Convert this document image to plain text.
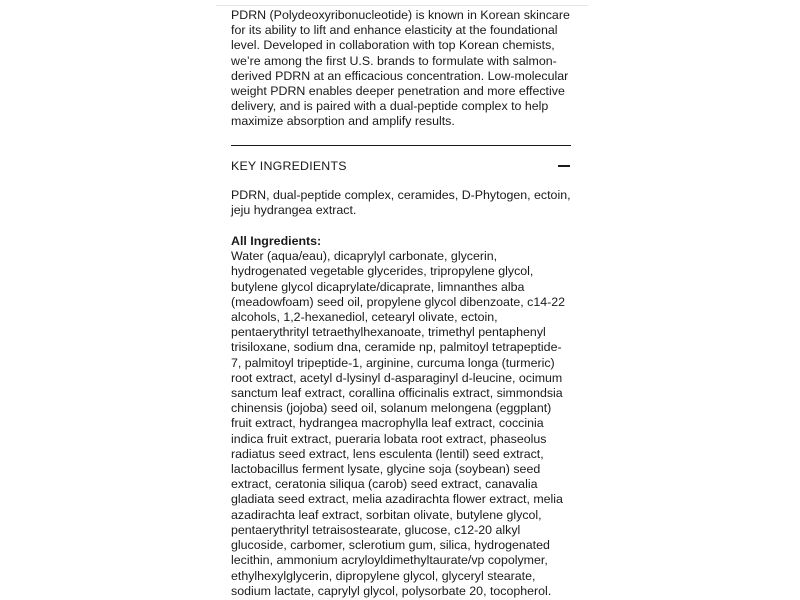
PDRN (Polydeoxyribonucleotide) is known in Korean skincare for its ability to lift and enhance elasticity at the foundational level. Developed in collaboration with top Korean chemists, we’re among the first U.S. brands to formulate with salmon-derived PDRN at an efficacious concentration. Low-molecular weight PDRN enables deeper penetration and more effective delivery, and is paired with a dual-peptide complex to help maximize absorption and amplify results.

KEY INGREDIENTS

PDRN, dual-peptide complex, ceramides, D-Phytogen, ectoin, jeju hydrangea extract.

All Ingredients:

Water (aqua/eau), dicaprylyl carbonate, glycerin, hydrogenated vegetable glycerides, tripropylene glycol, butylene glycol dicaprylate/dicaprate, limnanthes alba (meadowfoam) seed oil, propylene glycol dibenzoate, c14-22 alcohols, 1,2-hexanediol, cetearyl olivate, ectoin, pentaerythrityl tetraethylhexanoate, trimethyl pentaphenyl trisiloxane, sodium dna, ceramide np, palmitoyl tetrapeptide-7, palmitoyl tripeptide-1, arginine, curcuma longa (turmeric) root extract, acetyl d-lysinyl d-asparaginyl d-leucine, ocimum sanctum leaf extract, corallina officinalis extract, simmondsia chinensis (jojoba) seed oil, solanum melongena (eggplant) fruit extract, hydrangea macrophylla leaf extract, coccinia indica fruit extract, pueraria lobata root extract, phaseolus radiatus seed extract, lens esculenta (lentil) seed extract, lactobacillus ferment lysate, glycine soja (soybean) seed extract, ceratonia siliqua (carob) seed extract, canavalia gladiata seed extract, melia azadirachta flower extract, melia azadirachta leaf extract, sorbitan olivate, butylene glycol, pentaerythrityl tetraisostearate, glucose, c12-20 alkyl glucoside, carbomer, sclerotium gum, silica, hydrogenated lecithin, ammonium acryloyldimethyltaurate/vp copolymer, ethylhexylglycerin, dipropylene glycol, glyceryl stearate, sodium lactate, caprylyl glycol, polysorbate 20, tocopherol.
